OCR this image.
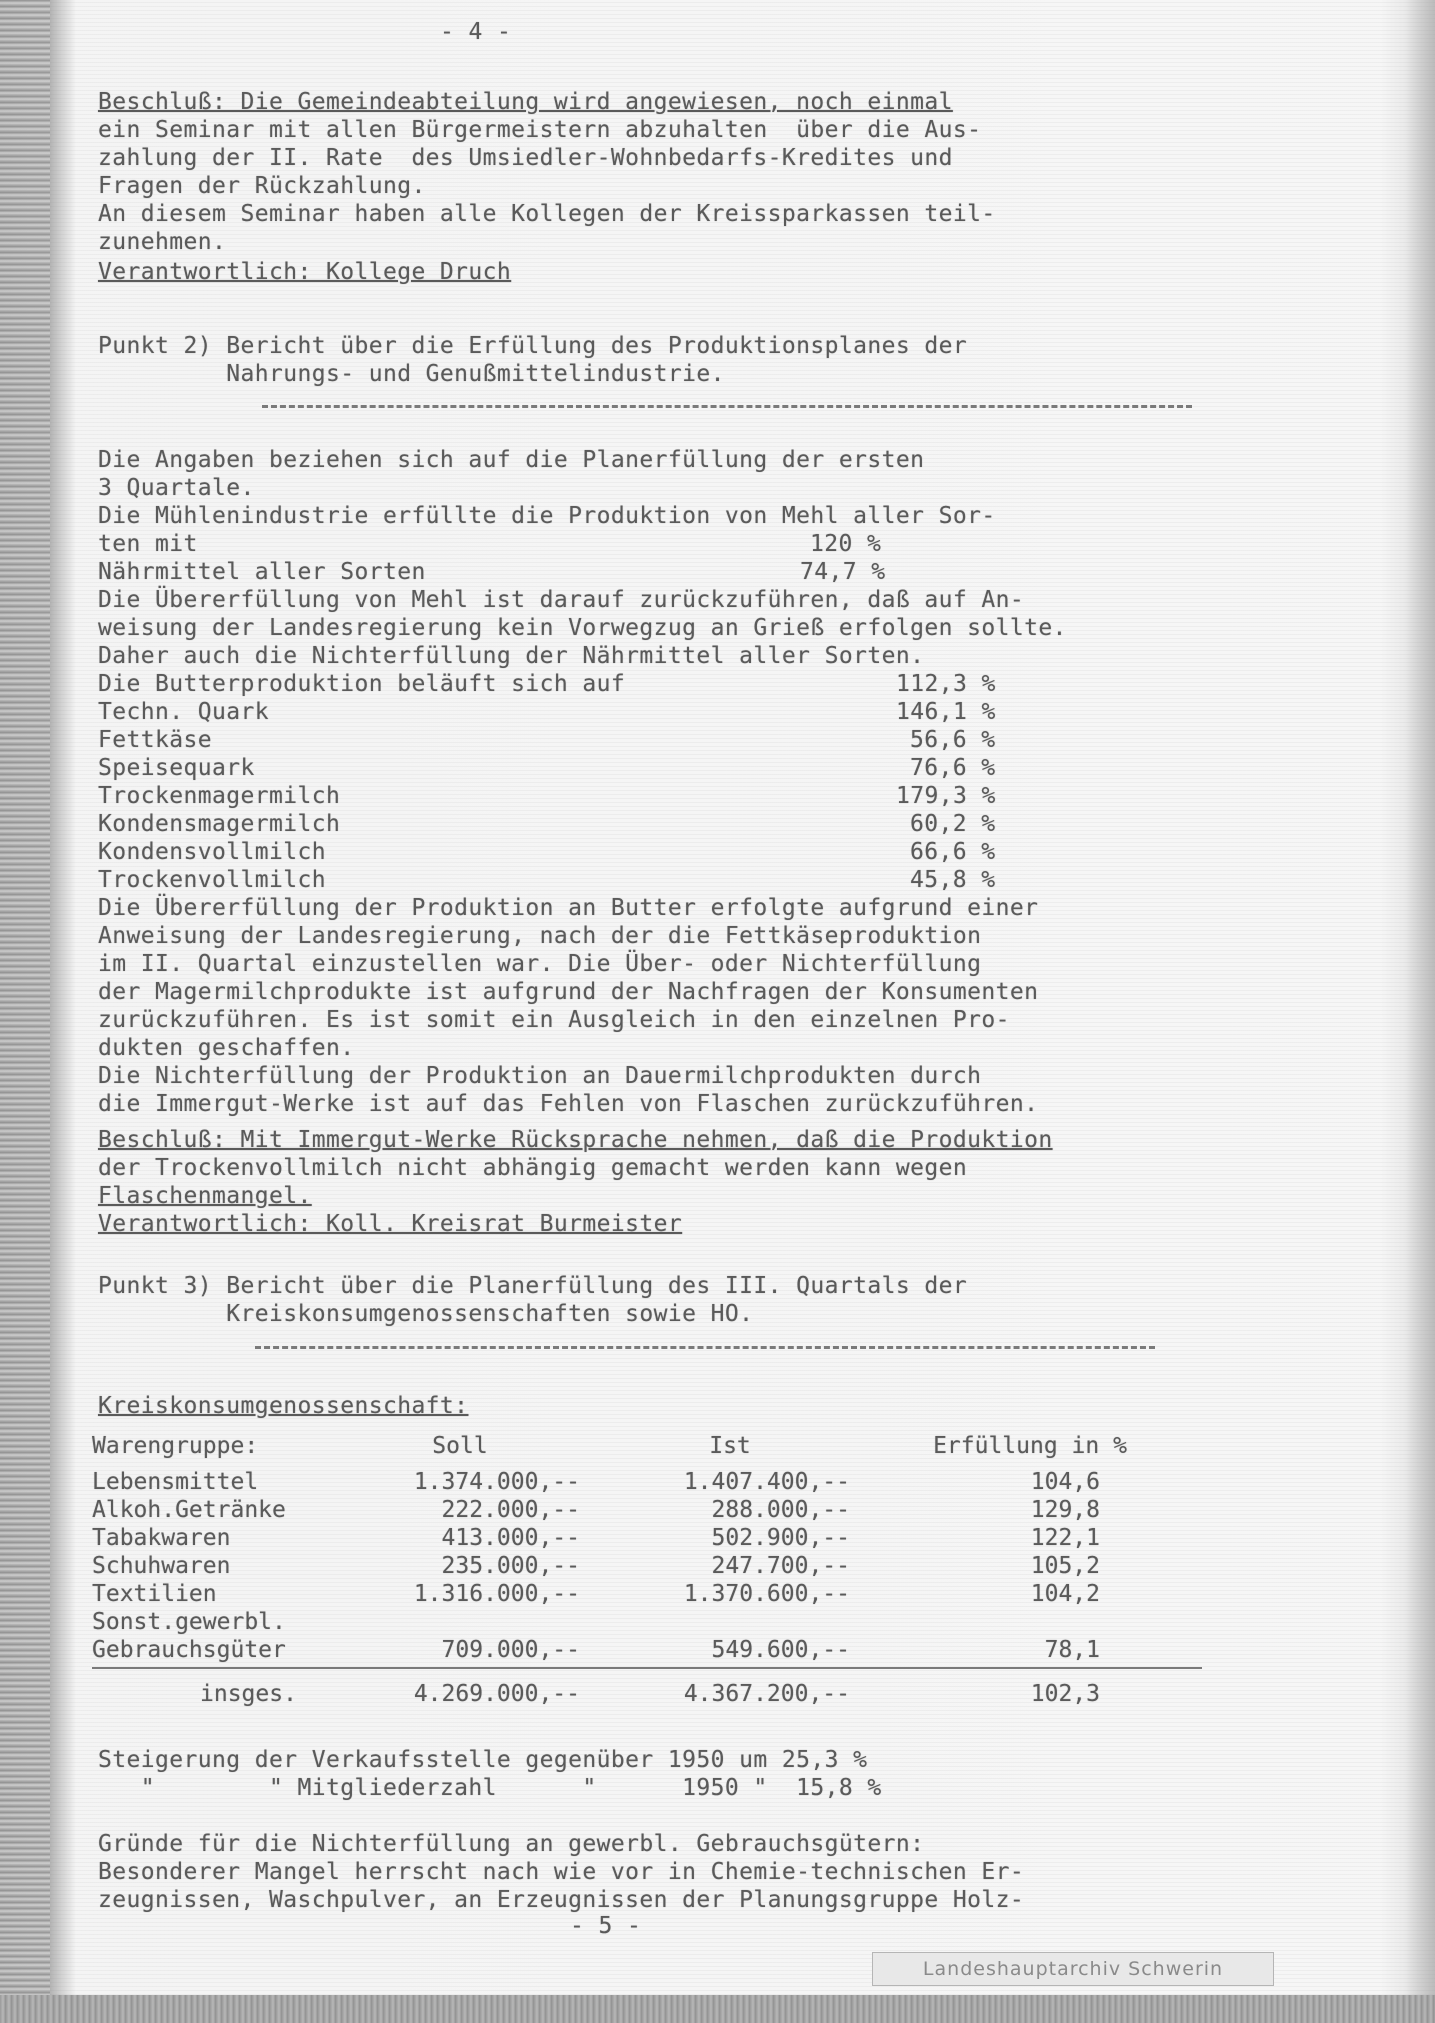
- 4 -

Beschluß: Die Gemeindeabteilung wird angewiesen, noch einmal

ein Seminar mit allen Bürgermeistern abzuhalten  über die Aus-

zahlung der II. Rate  des Umsiedler-Wohnbedarfs-Kredites und

Fragen der Rückzahlung.

An diesem Seminar haben alle Kollegen der Kreissparkassen teil-

zunehmen.

Verantwortlich: Kollege Druch

Punkt 2) Bericht über die Erfüllung des Produktionsplanes der

Nahrungs- und Genußmittelindustrie.

Die Angaben beziehen sich auf die Planerfüllung der ersten

3 Quartale.

Die Mühlenindustrie erfüllte die Produktion von Mehl aller Sor-

ten mit	120 %

Nährmittel aller Sorten	74,7 %

Die Übererfüllung von Mehl ist darauf zurückzuführen, daß auf An-

weisung der Landesregierung kein Vorwegzug an Grieß erfolgen sollte.

Daher auch die Nichterfüllung der Nährmittel aller Sorten.

Die Butterproduktion beläuft sich auf	112,3 %

Techn. Quark	146,1 %

Fettkäse	56,6 %

Speisequark	76,6 %

Trockenmagermilch	179,3 %

Kondensmagermilch	60,2 %

Kondensvollmilch	66,6 %

Trockenvollmilch	45,8 %

Die Übererfüllung der Produktion an Butter erfolgte aufgrund einer

Anweisung der Landesregierung, nach der die Fettkäseproduktion

im II. Quartal einzustellen war. Die Über- oder Nichterfüllung

der Magermilchprodukte ist aufgrund der Nachfragen der Konsumenten

zurückzuführen. Es ist somit ein Ausgleich in den einzelnen Pro-

dukten geschaffen.

Die Nichterfüllung der Produktion an Dauermilchprodukten durch

die Immergut-Werke ist auf das Fehlen von Flaschen zurückzuführen.

Beschluß: Mit Immergut-Werke Rücksprache nehmen, daß die Produktion

der Trockenvollmilch nicht abhängig gemacht werden kann wegen

Flaschenmangel.

Verantwortlich: Koll. Kreisrat Burmeister

Punkt 3) Bericht über die Planerfüllung des III. Quartals der

Kreiskonsumgenossenschaften sowie HO.

Kreiskonsumgenossenschaft:

Warengruppe:	Soll	Ist	Erfüllung in %

Lebensmittel	1.374.000,--	1.407.400,--	104,6

Alkoh.Getränke	222.000,--	288.000,--	129,8

Tabakwaren	413.000,--	502.900,--	122,1

Schuhwaren	235.000,--	247.700,--	105,2

Textilien	1.316.000,--	1.370.600,--	104,2

Sonst.gewerbl.

Gebrauchsgüter	709.000,--	549.600,--	78,1

insges.	4.269.000,--	4.367.200,--	102,3

Steigerung der Verkaufsstelle gegenüber 1950 um 25,3 %

"        " Mitgliederzahl      "      1950 "  15,8 %

Gründe für die Nichterfüllung an gewerbl. Gebrauchsgütern:

Besonderer Mangel herrscht nach wie vor in Chemie-technischen Er-

zeugnissen, Waschpulver, an Erzeugnissen der Planungsgruppe Holz-

- 5 -

Landeshauptarchiv Schwerin
